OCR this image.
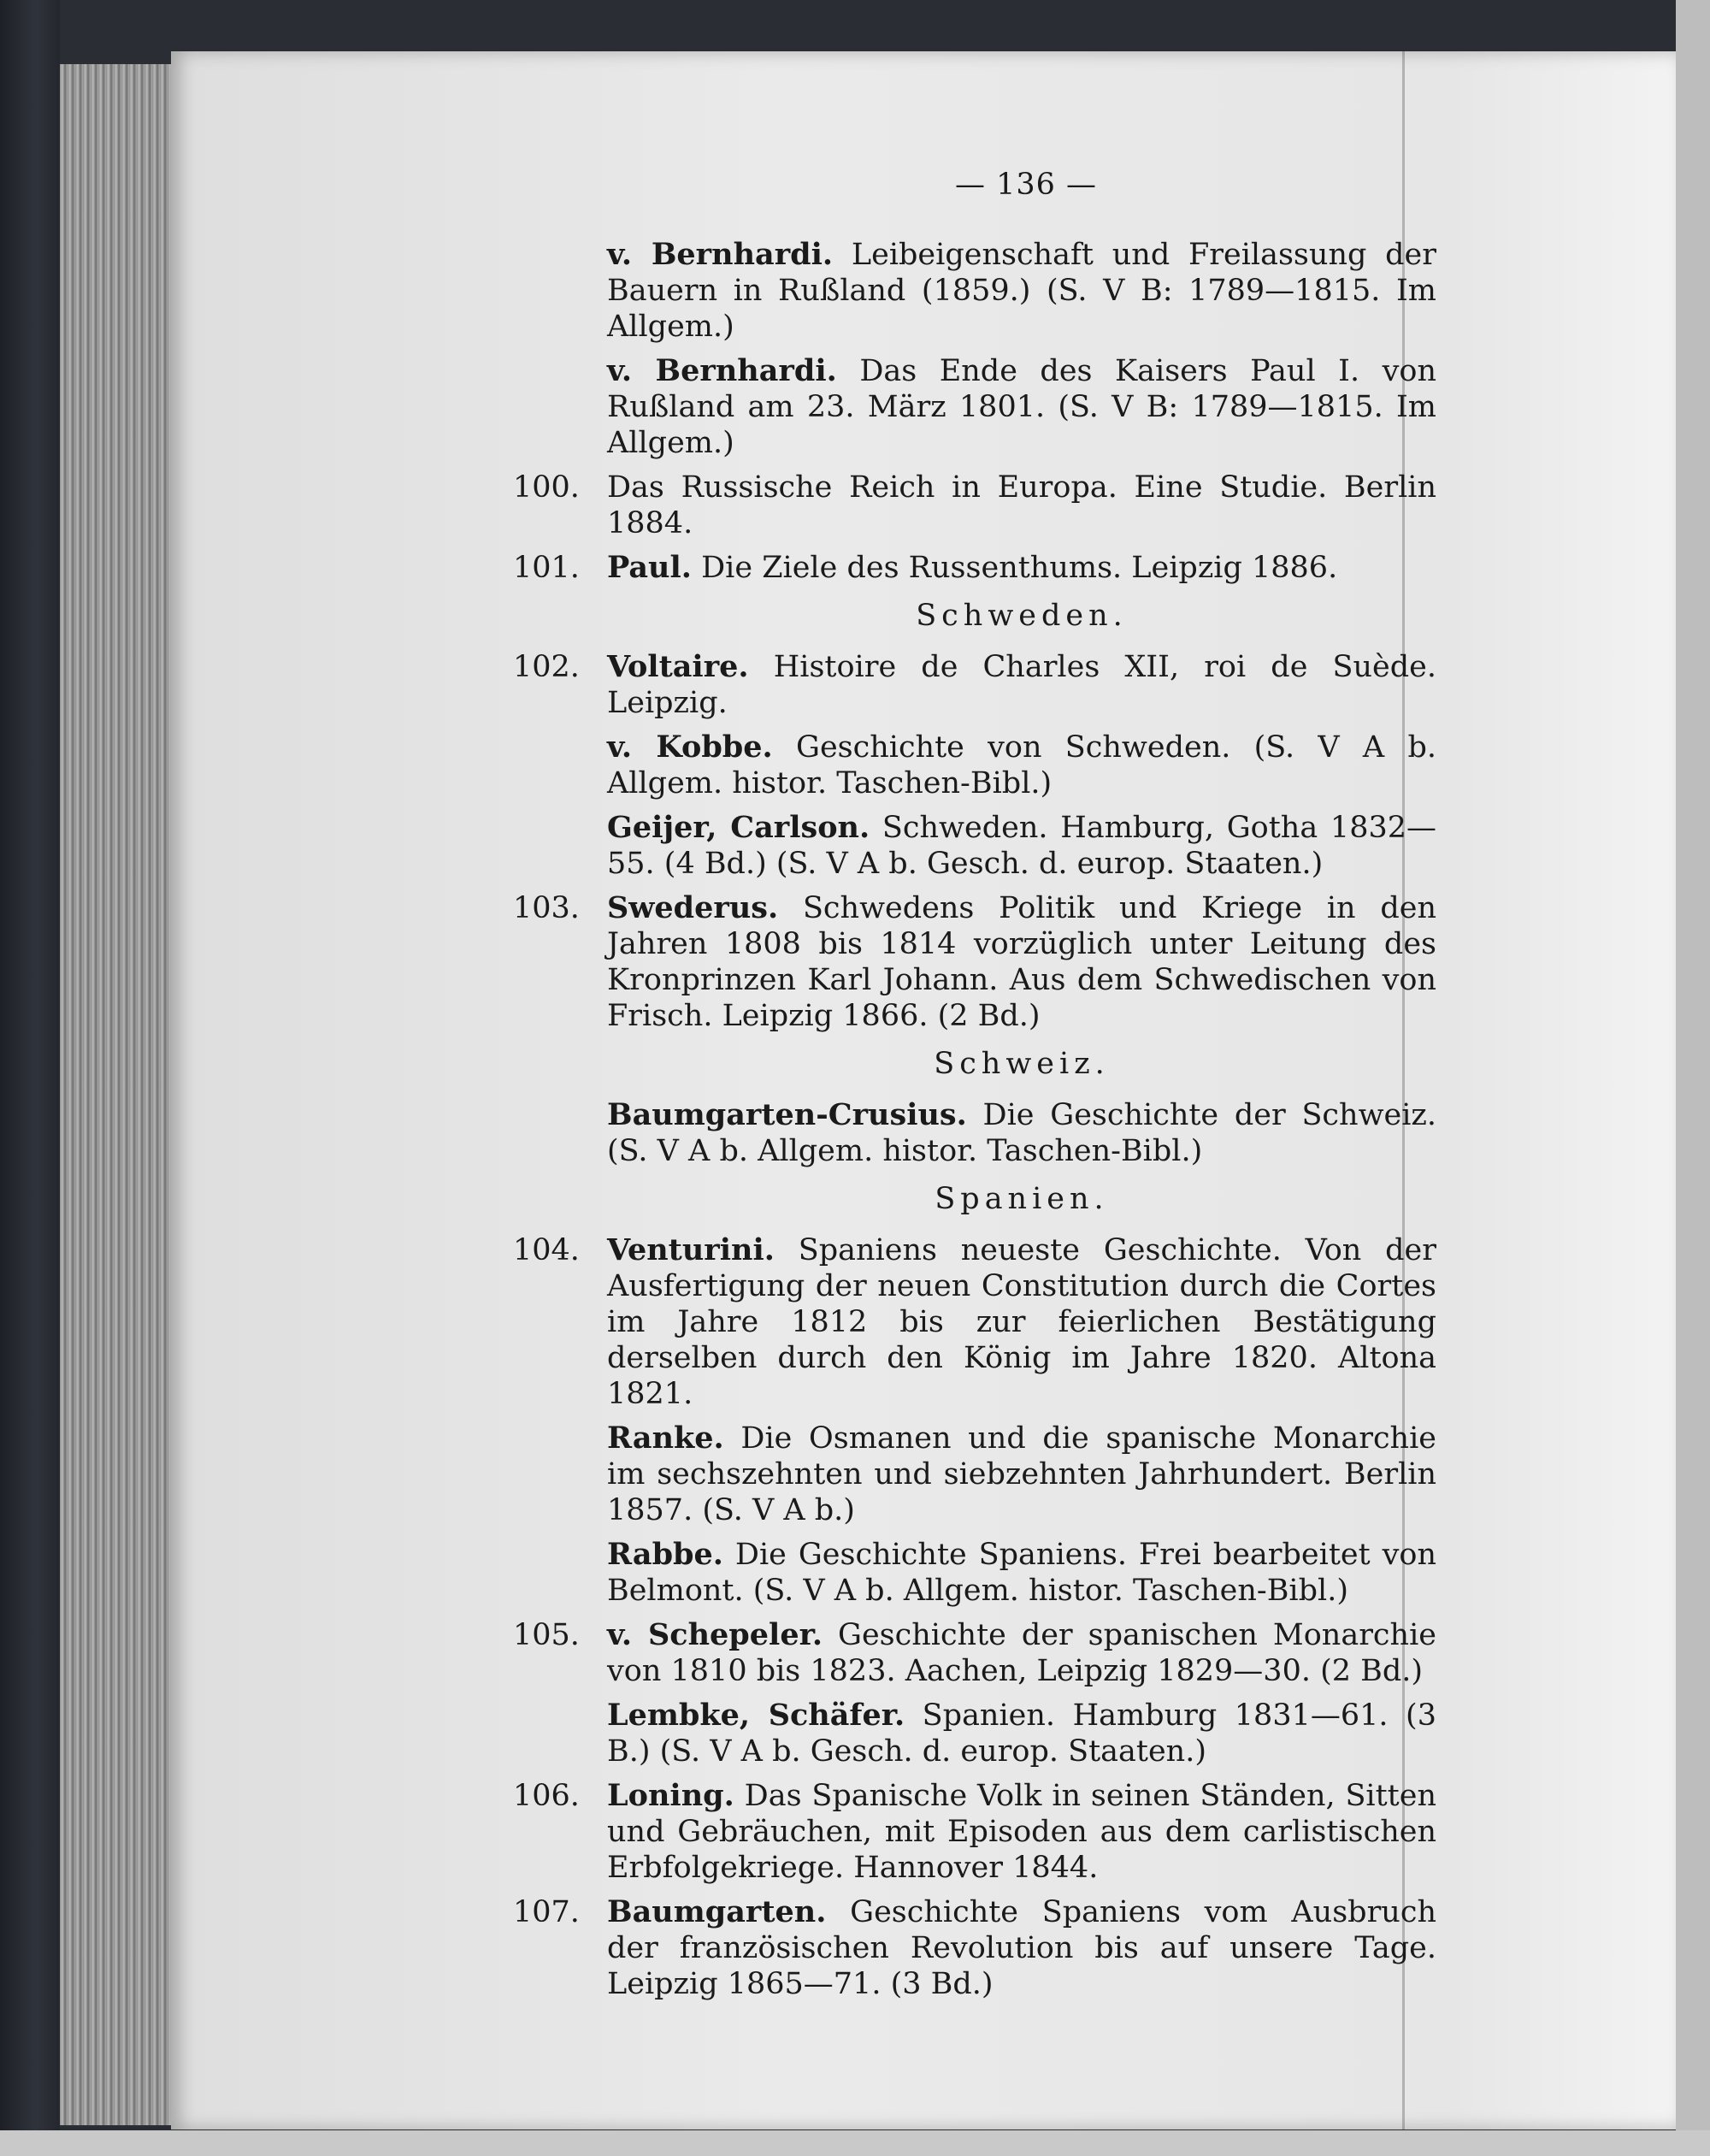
— 136 —
v. Bernhardi. Leibeigenschaft und Freilassung der Bauern in Rußland (1859.) (S. V B: 1789—1815. Im Allgem.)
v. Bernhardi. Das Ende des Kaisers Paul I. von Rußland am 23. März 1801. (S. V B: 1789—1815. Im Allgem.)
100. Das Russische Reich in Europa. Eine Studie. Berlin 1884.
101. Paul. Die Ziele des Russenthums. Leipzig 1886.
Schweden.
102. Voltaire. Histoire de Charles XII, roi de Suède. Leipzig.
v. Kobbe. Geschichte von Schweden. (S. V A b. Allgem. histor. Taschen-Bibl.)
Geijer, Carlson. Schweden. Hamburg, Gotha 1832—55. (4 Bd.) (S. V A b. Gesch. d. europ. Staaten.)
103. Swederus. Schwedens Politik und Kriege in den Jahren 1808 bis 1814 vorzüglich unter Leitung des Kronprinzen Karl Johann. Aus dem Schwedischen von Frisch. Leipzig 1866. (2 Bd.)
Schweiz.
Baumgarten-Crusius. Die Geschichte der Schweiz. (S. V A b. Allgem. histor. Taschen-Bibl.)
Spanien.
104. Venturini. Spaniens neueste Geschichte. Von der Ausfertigung der neuen Constitution durch die Cortes im Jahre 1812 bis zur feierlichen Bestätigung derselben durch den König im Jahre 1820. Altona 1821.
Ranke. Die Osmanen und die spanische Monarchie im sechszehnten und siebzehnten Jahrhundert. Berlin 1857. (S. V A b.)
Rabbe. Die Geschichte Spaniens. Frei bearbeitet von Belmont. (S. V A b. Allgem. histor. Taschen-Bibl.)
105. v. Schepeler. Geschichte der spanischen Monarchie von 1810 bis 1823. Aachen, Leipzig 1829—30. (2 Bd.)
Lembke, Schäfer. Spanien. Hamburg 1831—61. (3 B.) (S. V A b. Gesch. d. europ. Staaten.)
106. Loning. Das Spanische Volk in seinen Ständen, Sitten und Gebräuchen, mit Episoden aus dem carlistischen Erbfolgekriege. Hannover 1844.
107. Baumgarten. Geschichte Spaniens vom Ausbruch der französischen Revolution bis auf unsere Tage. Leipzig 1865—71. (3 Bd.)
